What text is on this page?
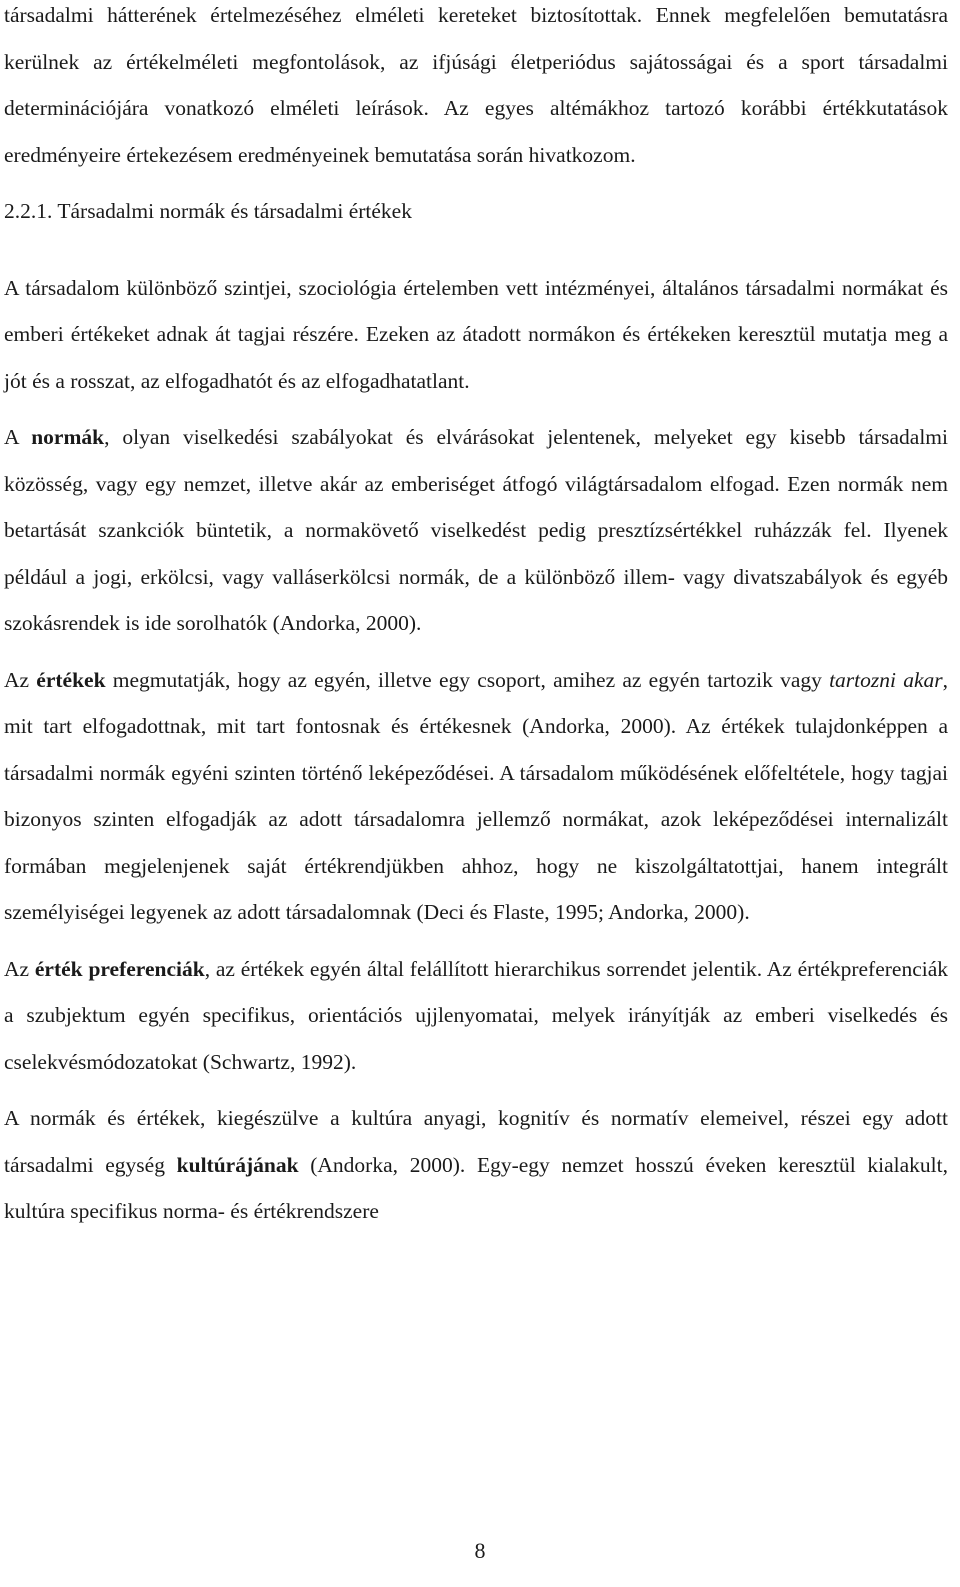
társadalmi hátterének értelmezéséhez elméleti kereteket biztosítottak. Ennek megfelelően bemutatásra kerülnek az értékelméleti megfontolások, az ifjúsági életperiódus sajátosságai és a sport társadalmi determinációjára vonatkozó elméleti leírások. Az egyes altémákhoz tartozó korábbi értékkutatások eredményeire értekezésem eredményeinek bemutatása során hivatkozom.

2.2.1. Társadalmi normák és társadalmi értékek

A társadalom különböző szintjei, szociológia értelemben vett intézményei, általános társadalmi normákat és emberi értékeket adnak át tagjai részére. Ezeken az átadott normákon és értékeken keresztül mutatja meg a jót és a rosszat, az elfogadhatót és az elfogadhatatlant.

A normák, olyan viselkedési szabályokat és elvárásokat jelentenek, melyeket egy kisebb társadalmi közösség, vagy egy nemzet, illetve akár az emberiséget átfogó világtársadalom elfogad. Ezen normák nem betartását szankciók büntetik, a normakövető viselkedést pedig presztízsértékkel ruházzák fel. Ilyenek például a jogi, erkölcsi, vagy valláserkölcsi normák, de a különböző illem- vagy divatszabályok és egyéb szokásrendek is ide sorolhatók (Andorka, 2000).

Az értékek megmutatják, hogy az egyén, illetve egy csoport, amihez az egyén tartozik vagy tartozni akar, mit tart elfogadottnak, mit tart fontosnak és értékesnek (Andorka, 2000). Az értékek tulajdonképpen a társadalmi normák egyéni szinten történő leképeződései. A társadalom működésének előfeltétele, hogy tagjai bizonyos szinten elfogadják az adott társadalomra jellemző normákat, azok leképeződései internalizált formában megjelenjenek saját értékrendjükben ahhoz, hogy ne kiszolgáltatottjai, hanem integrált személyiségei legyenek az adott társadalomnak (Deci és Flaste, 1995; Andorka, 2000).

Az érték preferenciák, az értékek egyén által felállított hierarchikus sorrendet jelentik. Az értékpreferenciák a szubjektum egyén specifikus, orientációs ujjlenyomatai, melyek irányítják az emberi viselkedés és cselekvésmódozatokat (Schwartz, 1992).

A normák és értékek, kiegészülve a kultúra anyagi, kognitív és normatív elemeivel, részei egy adott társadalmi egység kultúrájának (Andorka, 2000). Egy-egy nemzet hosszú éveken keresztül kialakult, kultúra specifikus norma- és értékrendszere

8
